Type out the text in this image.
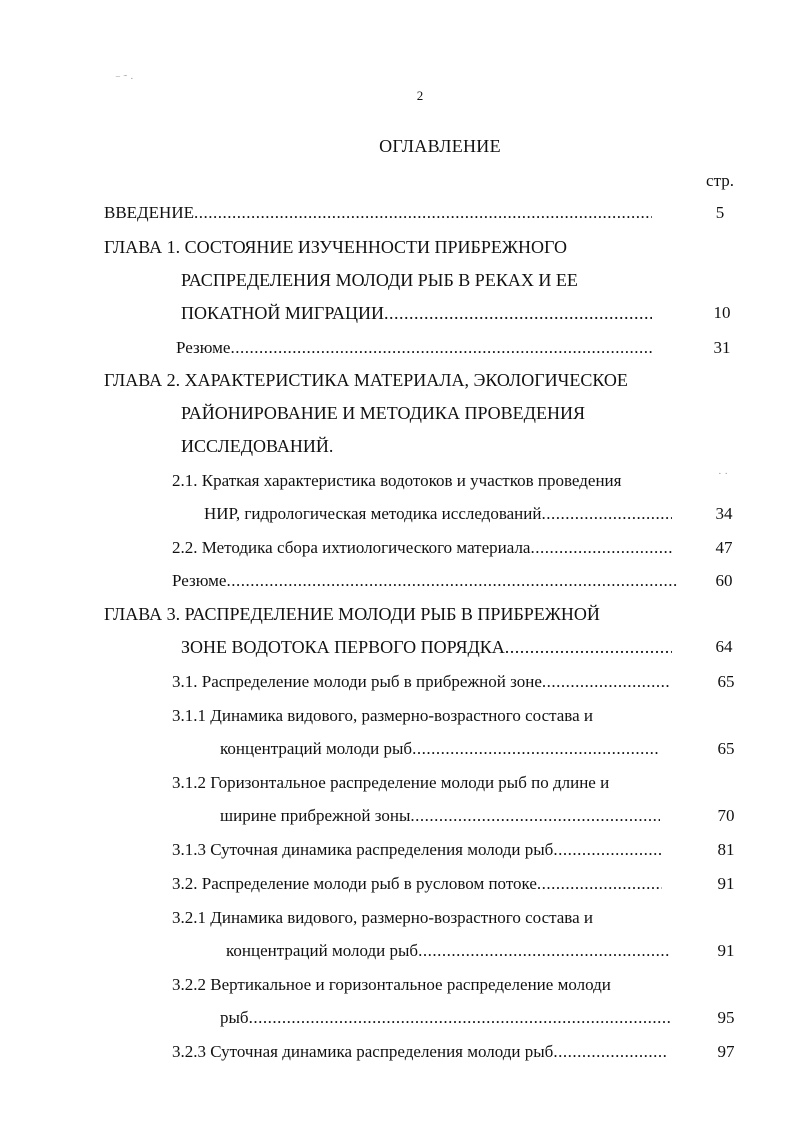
2
ОГЛАВЛЕНИЕ
стр.
ВВЕДЕНИЕ .....	5
ГЛАВА 1. СОСТОЯНИЕ ИЗУЧЕННОСТИ ПРИБРЕЖНОГО
РАСПРЕДЕЛЕНИЯ МОЛОДИ РЫБ В РЕКАХ И ЕЕ
ПОКАТНОЙ МИГРАЦИИ .....	10
Резюме .....	31
ГЛАВА 2. ХАРАКТЕРИСТИКА МАТЕРИАЛА, ЭКОЛОГИЧЕСКОЕ
РАЙОНИРОВАНИЕ И МЕТОДИКА ПРОВЕДЕНИЯ
ИССЛЕДОВАНИЙ.
2.1. Краткая характеристика водотоков и участков проведения
НИР, гидрологическая методика исследований .....	34
2.2. Методика сбора ихтиологического материала .....	47
Резюме .....	60
ГЛАВА 3. РАСПРЕДЕЛЕНИЕ МОЛОДИ РЫБ В ПРИБРЕЖНОЙ
ЗОНЕ ВОДОТОКА ПЕРВОГО ПОРЯДКА .....	64
3.1. Распределение молоди рыб в прибрежной зоне .....	65
3.1.1 Динамика видового, размерно-возрастного состава и
концентраций молоди рыб .....	65
3.1.2 Горизонтальное распределение молоди рыб по длине и
ширине прибрежной зоны .....	70
3.1.3 Суточная динамика распределения молоди рыб .....	81
3.2. Распределение молоди рыб в русловом потоке .....	91
3.2.1 Динамика видового, размерно-возрастного состава и
концентраций молоди рыб .....	91
3.2.2 Вертикальное и горизонтальное распределение молоди
рыб .....	95
3.2.3 Суточная динамика распределения молоди рыб .....	97
⁻ ˜ ·
· ·
